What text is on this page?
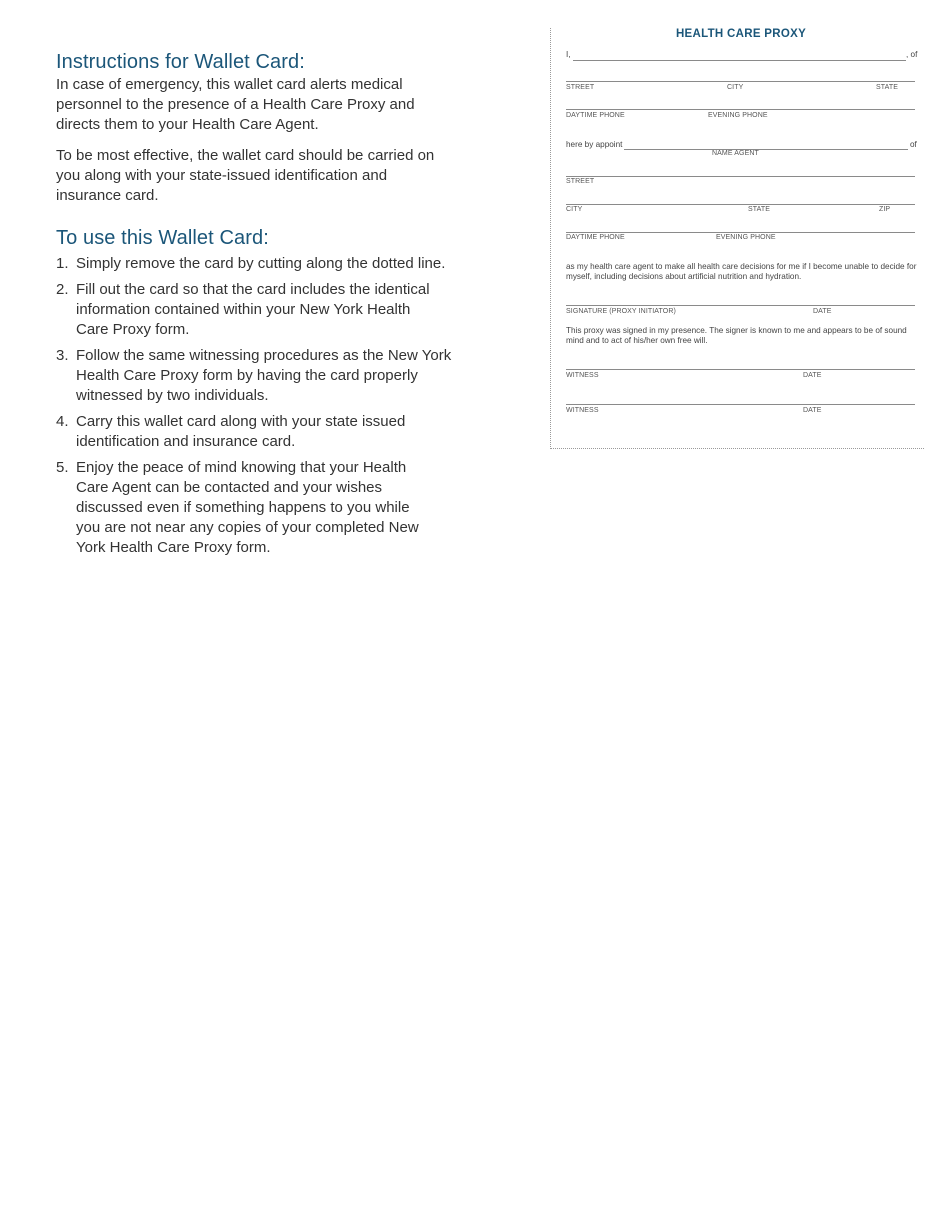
Instructions for Wallet Card:

In case of emergency, this wallet card alerts medical personnel to the presence of a Health Care Proxy and directs them to your Health Care Agent.

To be most effective, the wallet card should be carried on you along with your state-issued identification and insurance card.

To use this Wallet Card:
1. Simply remove the card by cutting along the dotted line.
2. Fill out the card so that the card includes the identical information contained within your New York Health Care Proxy form.
3. Follow the same witnessing procedures as the New York Health Care Proxy form by having the card properly witnessed by two individuals.
4. Carry this wallet card along with your state issued identification and insurance card.
5. Enjoy the peace of mind knowing that your Health Care Agent can be contacted and your wishes discussed even if something happens to you while you are not near any copies of your completed New York Health Care Proxy form.
HEALTH CARE PROXY
I,	, of
STREET	CITY	STATE
DAYTIME PHONE	EVENING PHONE
here by appoint	of
NAME AGENT
STREET
CITY	STATE	ZIP
DAYTIME PHONE	EVENING PHONE
as my health care agent to make all health care decisions for me if I become unable to decide for myself, including decisions about artificial nutrition and hydration.
SIGNATURE (PROXY INITIATOR)	DATE
This proxy was signed in my presence. The signer is known to me and appears to be of sound mind and to act of his/her own free will.
WITNESS	DATE
WITNESS	DATE
